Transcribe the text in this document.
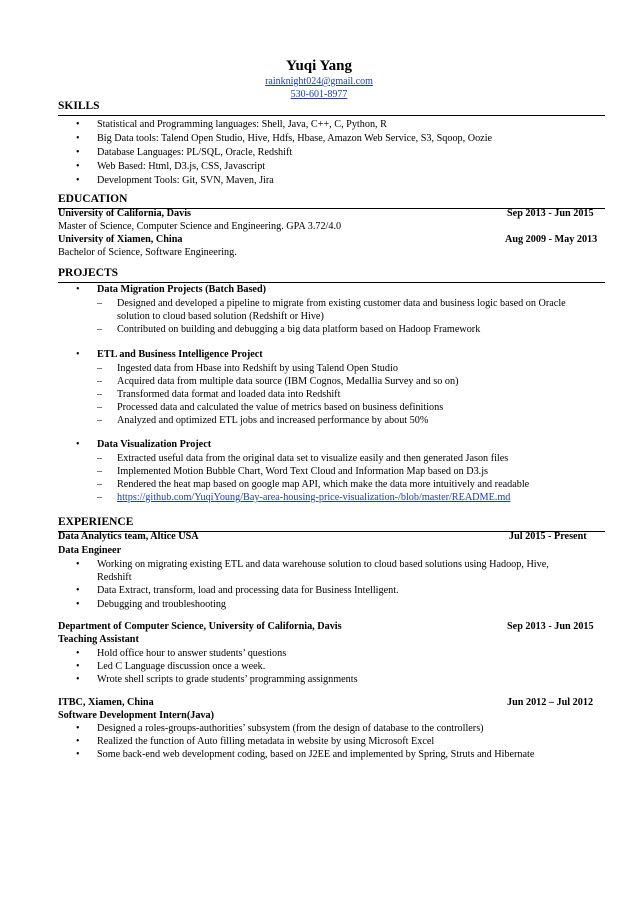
Yuqi Yang
rainknight024@gmail.com
530-601-8977
SKILLS
• Statistical and Programming languages: Shell, Java, C++, C, Python, R
• Big Data tools: Talend Open Studio, Hive, Hdfs, Hbase, Amazon Web Service, S3, Sqoop, Oozie
• Database Languages: PL/SQL, Oracle, Redshift
• Web Based: Html, D3.js, CSS, Javascript
• Development Tools: Git, SVN, Maven, Jira
EDUCATION
University of California, Davis	Sep 2013 - Jun 2015
Master of Science, Computer Science and Engineering. GPA 3.72/4.0
University of Xiamen, China	Aug 2009 - May 2013
Bachelor of Science, Software Engineering.
PROJECTS
• Data Migration Projects (Batch Based)
– Designed and developed a pipeline to migrate from existing customer data and business logic based on Oracle
solution to cloud based solution (Redshift or Hive)
– Contributed on building and debugging a big data platform based on Hadoop Framework
• ETL and Business Intelligence Project
– Ingested data from Hbase into Redshift by using Talend Open Studio
– Acquired data from multiple data source (IBM Cognos, Medallia Survey and so on)
– Transformed data format and loaded data into Redshift
– Processed data and calculated the value of metrics based on business definitions
– Analyzed and optimized ETL jobs and increased performance by about 50%
• Data Visualization Project
– Extracted useful data from the original data set to visualize easily and then generated Jason files
– Implemented Motion Bubble Chart, Word Text Cloud and Information Map based on D3.js
– Rendered the heat map based on google map API, which make the data more intuitively and readable
– https://github.com/YuqiYoung/Bay-area-housing-price-visualization-/blob/master/README.md
EXPERIENCE
Data Analytics team, Altice USA	Jul 2015 - Present
Data Engineer
• Working on migrating existing ETL and data warehouse solution to cloud based solutions using Hadoop, Hive,
Redshift
• Data Extract, transform, load and processing data for Business Intelligent.
• Debugging and troubleshooting
Department of Computer Science, University of California, Davis	Sep 2013 - Jun 2015
Teaching Assistant
• Hold office hour to answer students’ questions
• Led C Language discussion once a week.
• Wrote shell scripts to grade students’ programming assignments
ITBC, Xiamen, China	Jun 2012 – Jul 2012
Software Development Intern(Java)
• Designed a roles-groups-authorities’ subsystem (from the design of database to the controllers)
• Realized the function of Auto filling metadata in website by using Microsoft Excel
• Some back-end web development coding, based on J2EE and implemented by Spring, Struts and Hibernate
